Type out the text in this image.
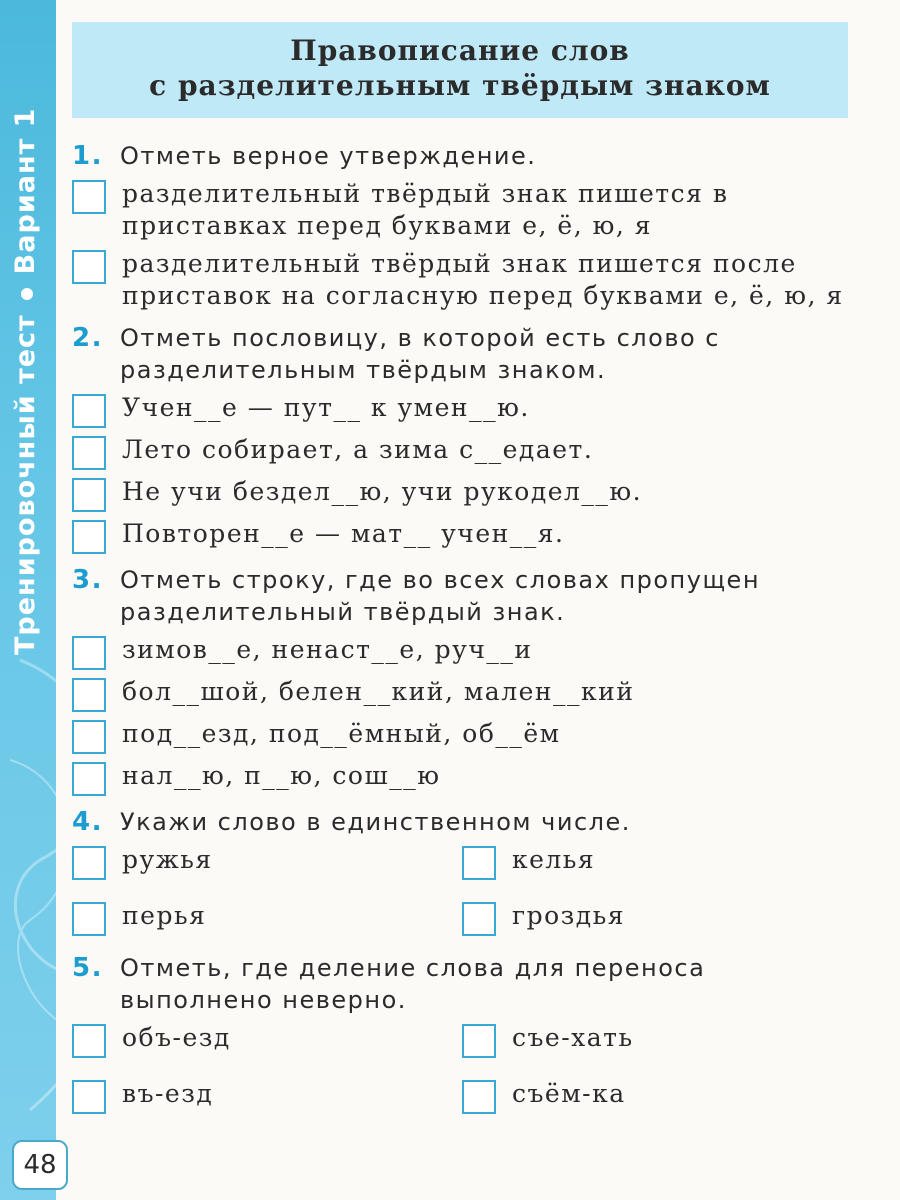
Тренировочный тестВариант 1
48
Правописание слов
с разделительным твёрдым знаком
1. Отметь верное утверждение.
разделительный твёрдый знак пишется в приставках перед буквами е, ё, ю, я
разделительный твёрдый знак пишется после приставок на согласную перед буквами е, ё, ю, я
2. Отметь пословицу, в которой есть слово с разделительным твёрдым знаком.
Учен__е — пут__ к умен__ю.
Лето собирает, а зима с__едает.
Не учи бездел__ю, учи рукодел__ю.
Повторен__е — мат__ учен__я.
3. Отметь строку, где во всех словах пропущен разделительный твёрдый знак.
зимов__е, ненаст__е, руч__и
бол__шой, белен__кий, мален__кий
под__езд, под__ёмный, об__ём
нал__ю, п__ю, сош__ю
4. Укажи слово в единственном числе.
ружья	келья
перья	гроздья
5. Отметь, где деление слова для переноса выполнено неверно.
объ-езд	съе-хать
въ-езд	съём-ка
